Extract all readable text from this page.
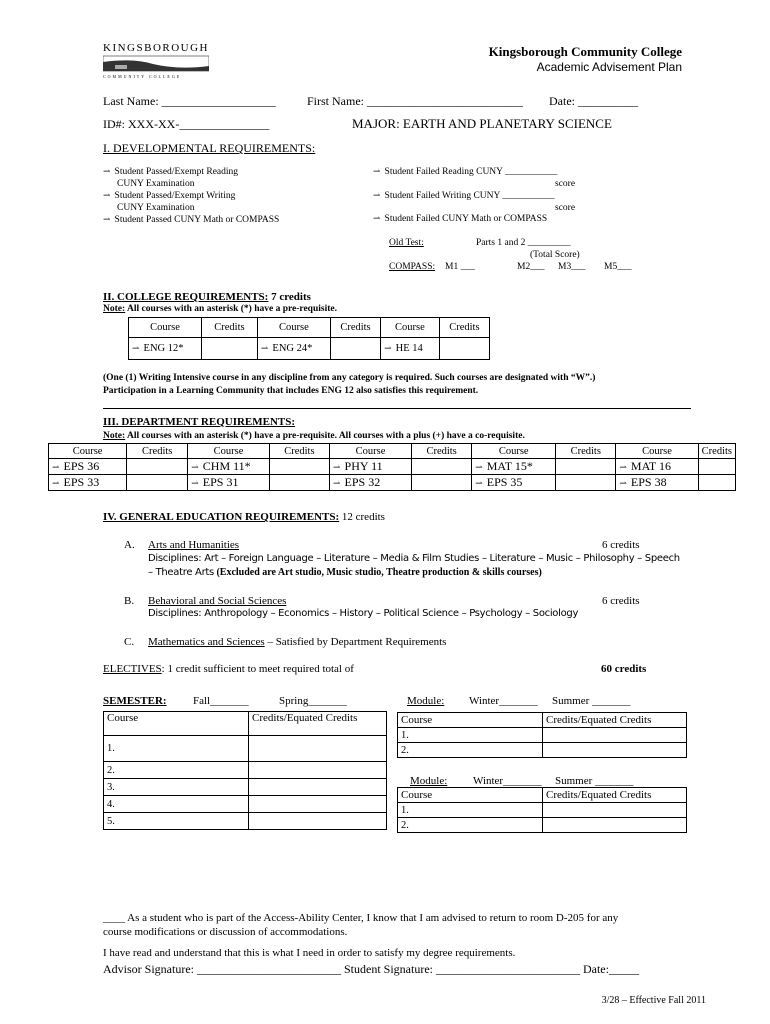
KINGSBOROUGH
COMMUNITY COLLEGE
Kingsborough Community College
Academic Advisement Plan
Last Name: ___________________	First Name: __________________________ Date: __________
ID#: XXX-XX-_______________	MAJOR: EARTH AND PLANETARY SCIENCE
I. DEVELOPMENTAL REQUIREMENTS:
⇀ Student Passed/Exempt Reading
CUNY Examination
⇀ Student Passed/Exempt Writing
CUNY Examination
⇀ Student Passed CUNY Math or COMPASS
⇀ Student Failed Reading CUNY ___________
score
⇀ Student Failed Writing CUNY ___________
score
⇀ Student Failed CUNY Math or COMPASS
Old Test:	Parts 1 and 2 _________
(Total Score)
COMPASS: M1 ___	M2___ M3___ M5___
II. COLLEGE REQUIREMENTS: 7 credits
Note: All courses with an asterisk (*) have a pre-requisite.
Course	Credits	Course	Credits	Course	Credits
⇀ ENG 12*		⇀ ENG 24*		⇀ HE 14	
(One (1) Writing Intensive course in any discipline from any category is required. Such courses are designated with “W”.)
Participation in a Learning Community that includes ENG 12 also satisfies this requirement.
III. DEPARTMENT REQUIREMENTS:
Note: All courses with an asterisk (*) have a pre-requisite. All courses with a plus (+) have a co-requisite.
Course	Credits	Course	Credits	Course	Credits	Course	Credits	Course	Credits
⇀ EPS 36		⇀ CHM 11*		⇀ PHY 11		⇀ MAT 15*		⇀ MAT 16	
⇀ EPS 33		⇀ EPS 31		⇀ EPS 32		⇀ EPS 35		⇀ EPS 38	
IV. GENERAL EDUCATION REQUIREMENTS: 12 credits
A. Arts and Humanities	6 credits
Disciplines: Art – Foreign Language – Literature – Media & Film Studies – Literature – Music – Philosophy – Speech
– Theatre Arts (Excluded are Art studio, Music studio, Theatre production & skills courses)
B. Behavioral and Social Sciences	6 credits
Disciplines: Anthropology – Economics – History – Political Science – Psychology – Sociology
C. Mathematics and Sciences – Satisfied by Department Requirements
ELECTIVES: 1 credit sufficient to meet required total of	60 credits
SEMESTER: Fall_______	Spring_______
Course	Credits/Equated Credits
1.	
2.	
3.	
4.	
5.	
Module: Winter_______ Summer _______
Course	Credits/Equated Credits
1.	
2.	
Module: Winter_______ Summer _______
Course	Credits/Equated Credits
1.	
2.	
____ As a student who is part of the Access-Ability Center, I know that I am advised to return to room D-205 for any
course modifications or discussion of accommodations.
I have read and understand that this is what I need in order to satisfy my degree requirements.
Advisor Signature: ________________________ Student Signature: ________________________ Date:_____
3/28 – Effective Fall 2011
